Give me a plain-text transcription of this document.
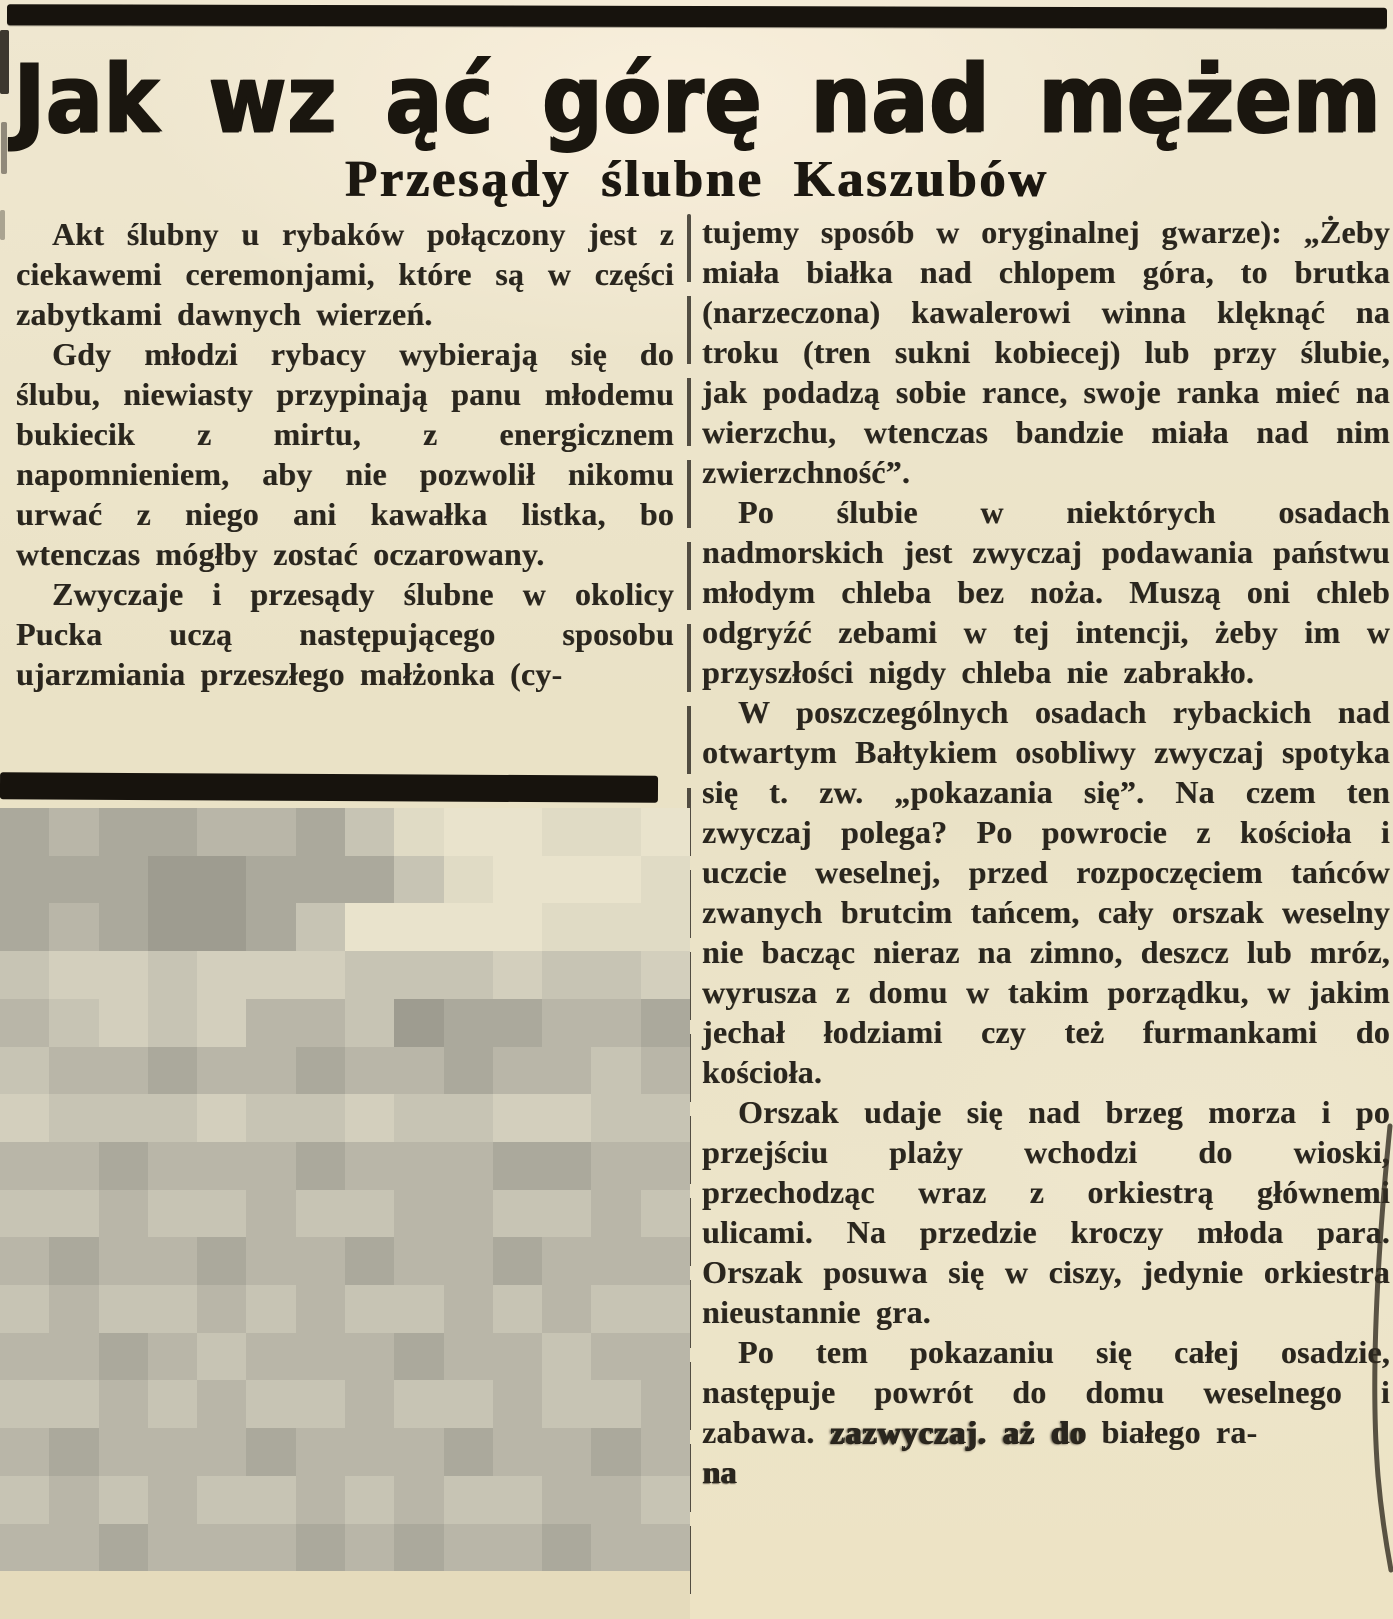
Jak wz ąć górę nad mężem
Przesądy ślubne Kaszubów

Akt ślubny u rybaków połączony jest z ciekawemi ceremonjami, które są w części zabytkami dawnych wierzeń.

Gdy młodzi rybacy wybierają się do ślubu, niewiasty przypinają panu młodemu bukiecik z mirtu, z energicznem napomnieniem, aby nie pozwolił nikomu urwać z niego ani kawałka listka, bo wtenczas mógłby zostać oczarowany.

Zwyczaje i przesądy ślubne w okolicy Pucka uczą następującego sposobu ujarzmiania przeszłego małżonka (cy-

tujemy sposób w oryginalnej gwarze): „Żeby miała białka nad chlopem góra, to brutka (narzeczona) kawalerowi winna klęknąć na troku (tren sukni kobiecej) lub przy ślubie, jak podadzą sobie rance, swoje ranka mieć na wierzchu, wtenczas bandzie miała nad nim zwierzchność”.

Po ślubie w niektórych osadach nadmorskich jest zwyczaj podawania państwu młodym chleba bez noża. Muszą oni chleb odgryźć zebami w tej intencji, żeby im w przyszłości nigdy chleba nie zabrakło.

W poszczególnych osadach rybackich nad otwartym Bałtykiem osobliwy zwyczaj spotyka się t. zw. „pokazania się”. Na czem ten zwyczaj polega? Po powrocie z kościoła i uczcie weselnej, przed rozpoczęciem tańców zwanych brutcim tańcem, cały orszak weselny nie bacząc nieraz na zimno, deszcz lub mróz, wyrusza z domu w takim porządku, w jakim jechał łodziami czy też furmankami do kościoła.

Orszak udaje się nad brzeg morza i po przejściu plaży wchodzi do wioski, przechodząc wraz z orkiestrą głównemi ulicami. Na przedzie kroczy młoda para. Orszak posuwa się w ciszy, jedynie orkiestra nieustannie gra.

Po tem pokazaniu się całej osadzie, następuje powrót do domu weselnego i zabawa. zazwyczaj. aż do białego ra-
na
